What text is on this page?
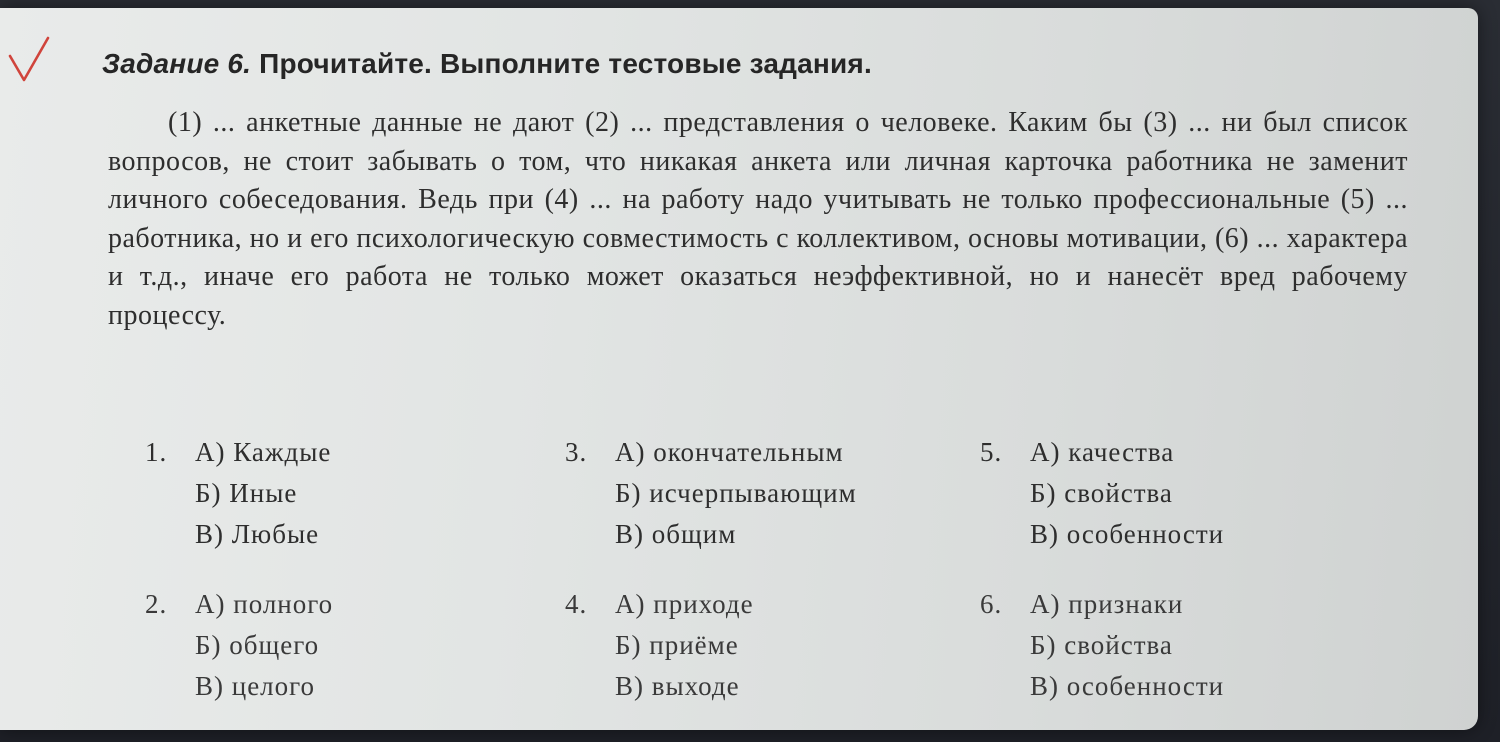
Задание 6. Прочитайте. Выполните тестовые задания.
(1) ... анкетные данные не дают (2) ... представления о человеке. Каким бы (3) ... ни был список вопросов, не стоит забывать о том, что никакая анкета или личная карточка работника не заменит личного собеседования. Ведь при (4) ... на работу надо учитывать не только профессиональные (5) ... работника, но и его психологическую совместимость с коллективом, основы мотивации, (6) ... характера и т.д., иначе его работа не только может оказаться неэффективной, но и нанесёт вред рабочему процессу.
1.	А) Каждые
Б) Иные
В) Любые
3.	А) окончательным
Б) исчерпывающим
В) общим
5.	А) качества
Б) свойства
В) особенности
2.	А) полного
Б) общего
В) целого
4.	А) приходе
Б) приёме
В) выходе
6.	А) признаки
Б) свойства
В) особенности
